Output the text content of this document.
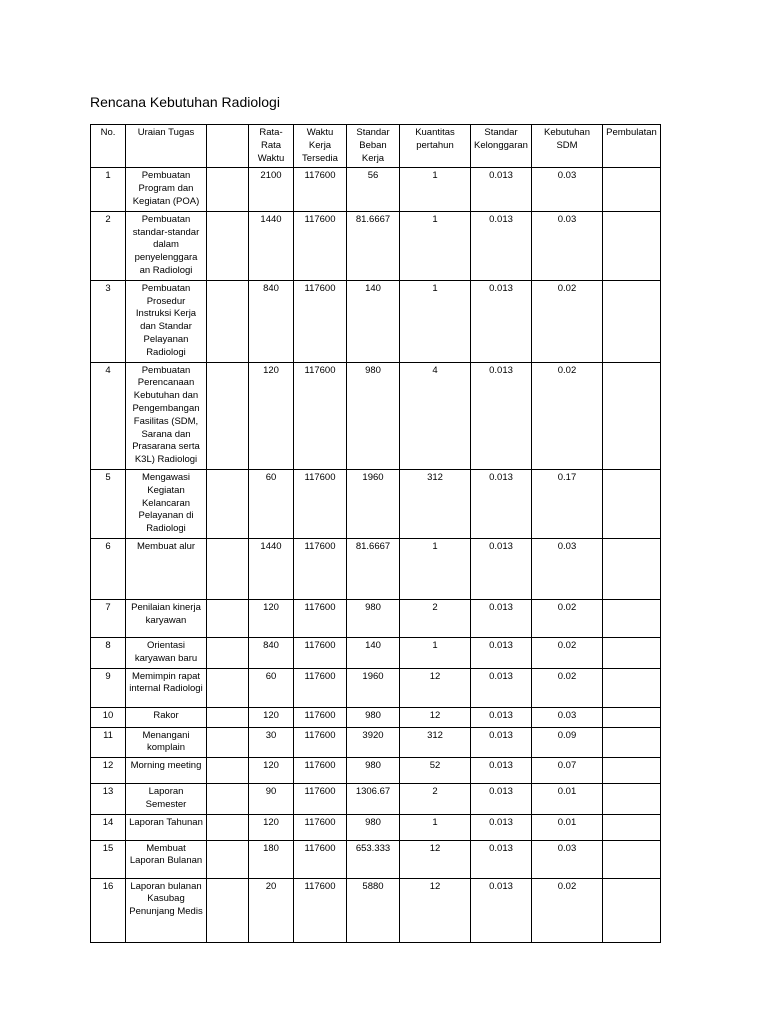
Rencana Kebutuhan Radiologi
No.	Uraian Tugas		Rata-Rata Waktu	Waktu Kerja Tersedia	Standar Beban Kerja	Kuantitas pertahun	Standar Kelonggaran	Kebutuhan SDM	Pembulatan
1	Pembuatan Program dan Kegiatan (POA)		2100	117600	56	1	0.013	0.03	
2	Pembuatan standar-standar dalam penyelenggara an Radiologi		1440	117600	81.6667	1	0.013	0.03	
3	Pembuatan Prosedur Instruksi Kerja dan Standar Pelayanan Radiologi		840	117600	140	1	0.013	0.02	
4	Pembuatan Perencanaan Kebutuhan dan Pengembangan Fasilitas (SDM, Sarana dan Prasarana serta K3L) Radiologi		120	117600	980	4	0.013	0.02	
5	Mengawasi Kegiatan Kelancaran Pelayanan di Radiologi		60	117600	1960	312	0.013	0.17	
6	Membuat alur		1440	117600	81.6667	1	0.013	0.03	
7	Penilaian kinerja karyawan		120	117600	980	2	0.013	0.02	
8	Orientasi karyawan baru		840	117600	140	1	0.013	0.02	
9	Memimpin rapat internal Radiologi		60	117600	1960	12	0.013	0.02	
10	Rakor		120	117600	980	12	0.013	0.03	
11	Menangani komplain		30	117600	3920	312	0.013	0.09	
12	Morning meeting		120	117600	980	52	0.013	0.07	
13	Laporan Semester		90	117600	1306.67	2	0.013	0.01	
14	Laporan Tahunan		120	117600	980	1	0.013	0.01	
15	Membuat Laporan Bulanan		180	117600	653.333	12	0.013	0.03	
16	Laporan bulanan Kasubag Penunjang Medis		20	117600	5880	12	0.013	0.02	
